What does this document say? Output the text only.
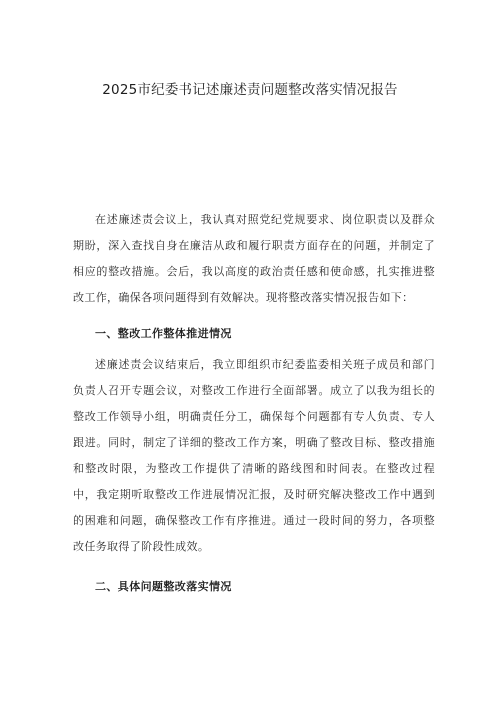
2025市纪委书记述廉述责问题整改落实情况报告
在述廉述责会议上，我认真对照党纪党规要求、岗位职责以及群众期盼，深入查找自身在廉洁从政和履行职责方面存在的问题，并制定了相应的整改措施。会后，我以高度的政治责任感和使命感，扎实推进整改工作，确保各项问题得到有效解决。现将整改落实情况报告如下：
一、整改工作整体推进情况
述廉述责会议结束后，我立即组织市纪委监委相关班子成员和部门负责人召开专题会议，对整改工作进行全面部署。成立了以我为组长的整改工作领导小组，明确责任分工，确保每个问题都有专人负责、专人跟进。同时，制定了详细的整改工作方案，明确了整改目标、整改措施和整改时限，为整改工作提供了清晰的路线图和时间表。在整改过程中，我定期听取整改工作进展情况汇报，及时研究解决整改工作中遇到的困难和问题，确保整改工作有序推进。通过一段时间的努力，各项整改任务取得了阶段性成效。
二、具体问题整改落实情况
